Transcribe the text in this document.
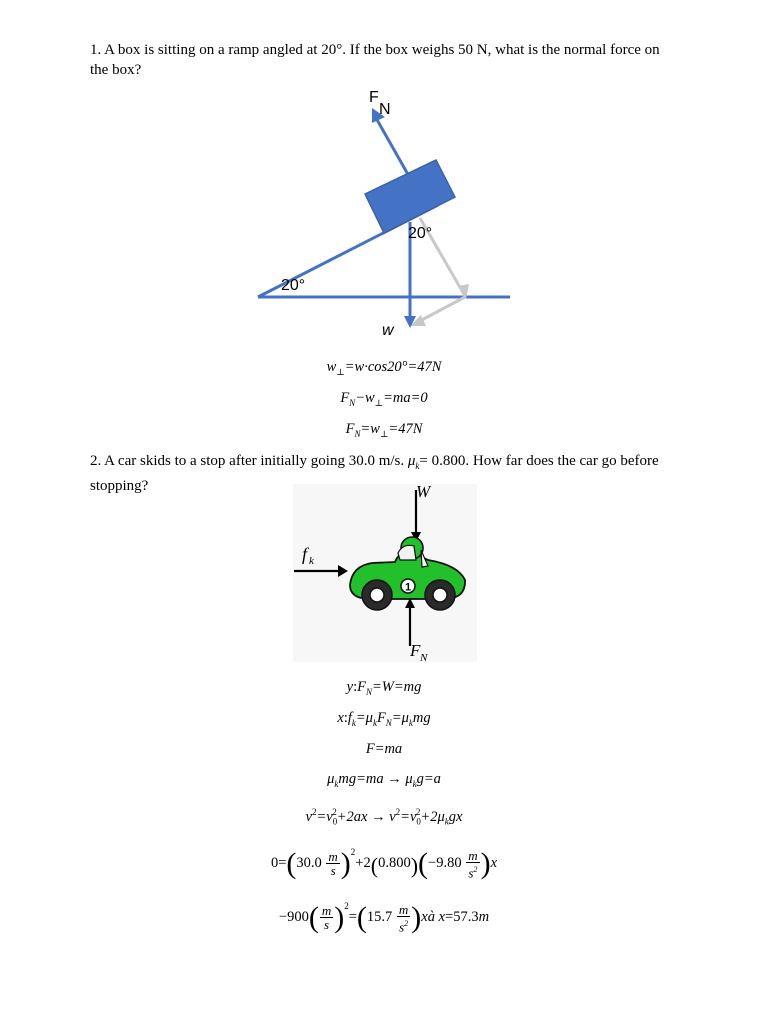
1. A box is sitting on a ramp angled at 20°. If the box weighs 50 N, what is the normal force on the box?
F
N
20°
20°
w
$w_\perp=w\cdot\cos 20^\circ=47N$
$F_N-w_\perp=ma=0$
$F_N=w_\perp=47N$
2. A car skids to a stop after initially going 30.0 m/s. $\mu_k= 0.800$. How far does the car go before stopping?	W
f k
F N
1
$y:F_N=W=mg$
$x:f_k=\mu_kF_N=\mu_kmg$
F=ma
$\mu_kmg=ma \to \mu_kg=a$
$v^2=v_0^2+2ax \to v^2=v_0^2+2\mu_kgx$
$0=(30.0 \frac{m}{s} )^2+2(0.800)(-9.80 \frac{m}{s^2} )x$
$-900( \frac{m}{s} )^2=(15.7 \frac{m}{s^2}$ )xà x=57.3m
